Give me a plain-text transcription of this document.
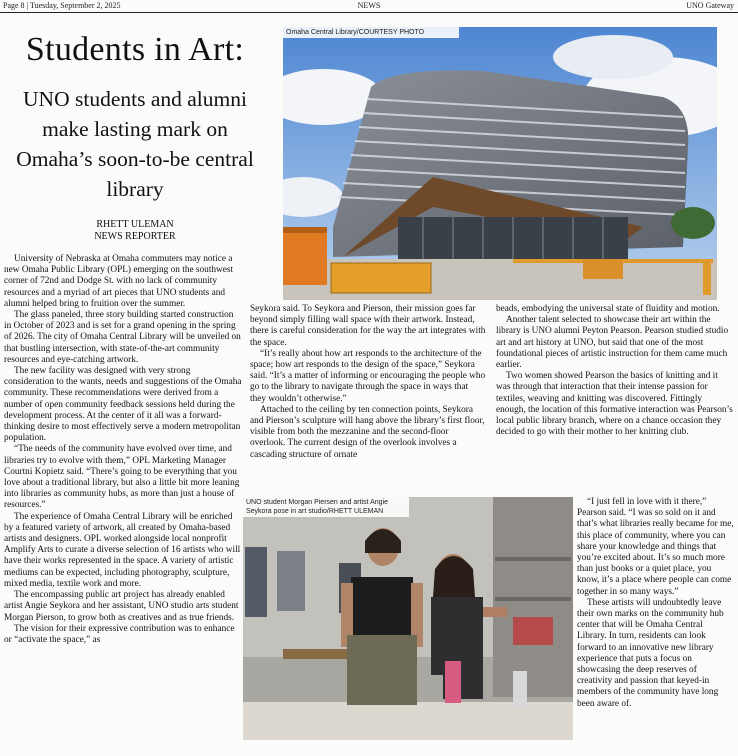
Page 8 | Tuesday, September 2, 2025	NEWS	UNO Gateway
Students in Art:
UNO students and alumni make lasting mark on Omaha’s soon-to-be central library
RHETT ULEMAN
NEWS REPORTER
Omaha Central Library/COURTESY PHOTO
UNO student Morgan Piersen and artist Angie Seykora pose in art studio/RHETT ULEMAN

University of Nebraska at Omaha commuters may notice a new Omaha Public Library (OPL) emerging on the southwest corner of 72nd and Dodge St. with no lack of community resources and a myriad of art pieces that UNO students and alumni helped bring to fruition over the summer.

The glass paneled, three story building started construction in October of 2023 and is set for a grand opening in the spring of 2026. The city of Omaha Central Library will be unveiled on that bustling intersection, with state-of-the-art community resources and eye-catching artwork.

The new facility was designed with very strong consideration to the wants, needs and suggestions of the Omaha community. These recommendations were derived from a number of open community feedback sessions held during the development process. At the center of it all was a forward-thinking desire to most effectively serve a modern metropolitan population.

“The needs of the community have evolved over time, and libraries try to evolve with them,” OPL Marketing Manager Courtni Kopietz said. “There’s going to be everything that you love about a traditional library, but also a little bit more leaning into libraries as community hubs, as more than just a house of resources.”

The experience of Omaha Central Library will be enriched by a featured variety of artwork, all created by Omaha-based artists and designers. OPL worked alongside local nonprofit Amplify Arts to curate a diverse selection of 16 artists who will have their works represented in the space. A variety of artistic mediums can be expected, including photography, sculpture, mixed media, textile work and more.

The encompassing public art project has already enabled artist Angie Seykora and her assistant, UNO studio arts student Morgan Pierson, to grow both as creatives and as true friends.

The vision for their expressive contribution was to enhance or “activate the space,” as

Seykora said. To Seykora and Pierson, their mission goes far beyond simply filling wall space with their artwork. Instead, there is careful consideration for the way the art integrates with the space.

“It’s really about how art responds to the architecture of the space; how art responds to the design of the space,” Seykora said. “It’s a matter of informing or encouraging the people who go to the library to navigate through the space in ways that they wouldn’t otherwise.”

Attached to the ceiling by ten connection points, Seykora and Pierson’s sculpture will hang above the library’s first floor, visible from both the mezzanine and the second-floor overlook. The current design of the overlook involves a cascading structure of ornate

beads, embodying the universal state of fluidity and motion.

Another talent selected to showcase their art within the library is UNO alumni Peyton Pearson. Pearson studied studio art and art history at UNO, but said that one of the most foundational pieces of artistic instruction for them came much earlier.

Two women showed Pearson the basics of knitting and it was through that interaction that their intense passion for textiles, weaving and knitting was discovered. Fittingly enough, the location of this formative interaction was Pearson’s local public library branch, where on a chance occasion they decided to go with their mother to her knitting club.

“I just fell in love with it there,” Pearson said. “I was so sold on it and that’s what libraries really became for me, this place of community, where you can share your knowledge and things that you’re excited about. It’s so much more than just books or a quiet place, you know, it’s a place where people can come together in so many ways.”

These artists will undoubtedly leave their own marks on the community hub center that will be Omaha Central Library. In turn, residents can look forward to an innovative new library experience that puts a focus on showcasing the deep reserves of creativity and passion that keyed-in members of the community have long been aware of.
